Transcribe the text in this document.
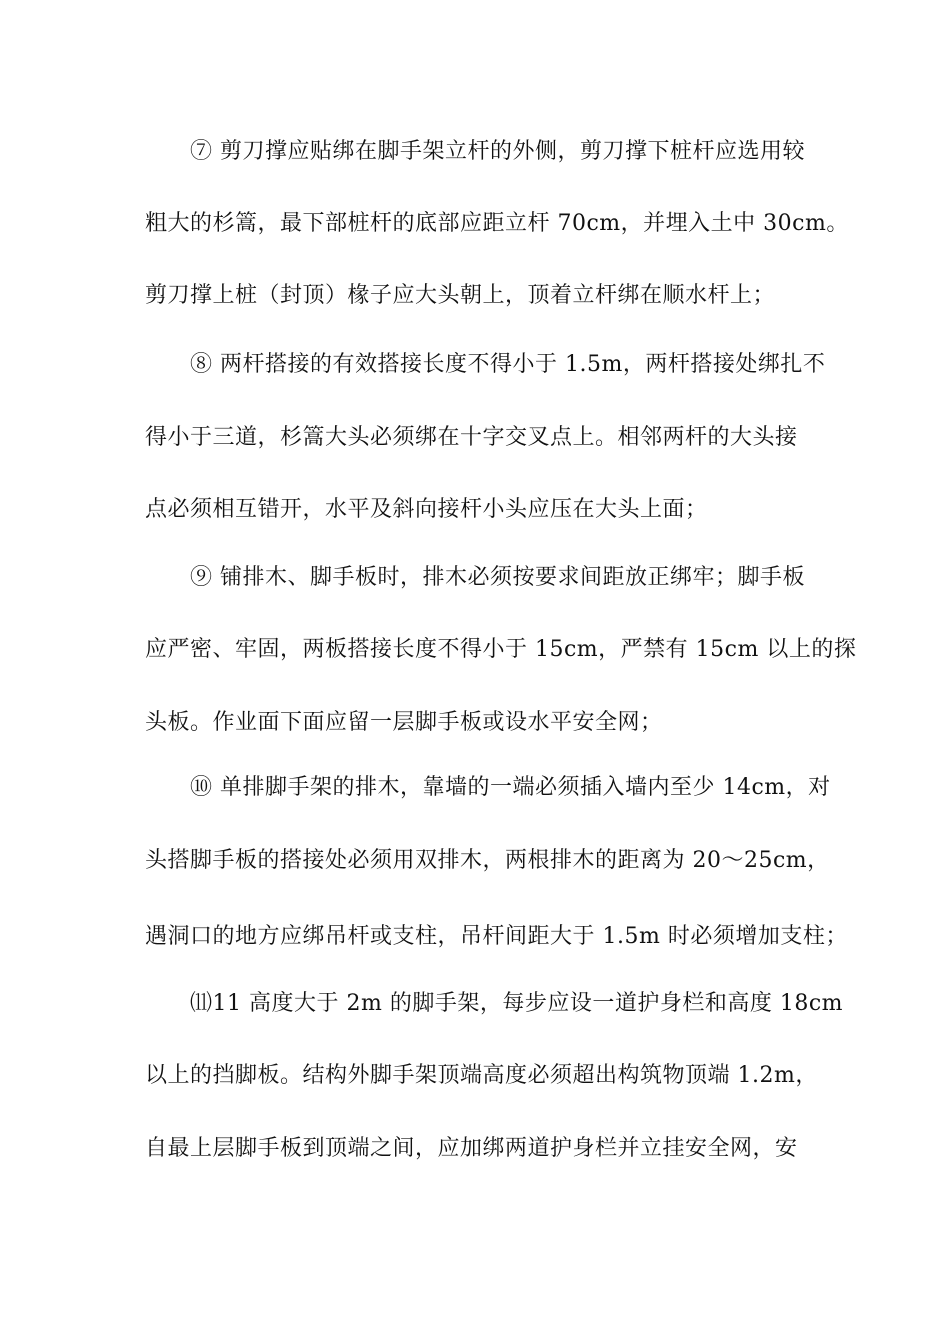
⑦ 剪刀撑应贴绑在脚手架立杆的外侧，剪刀撑下桩杆应选用较
粗大的杉篙，最下部桩杆的底部应距立杆 70cm，并埋入土中 30cm。
剪刀撑上桩（封顶）椽子应大头朝上，顶着立杆绑在顺水杆上；
⑧ 两杆搭接的有效搭接长度不得小于 1.5m，两杆搭接处绑扎不
得小于三道，杉篙大头必须绑在十字交叉点上。相邻两杆的大头接
点必须相互错开，水平及斜向接杆小头应压在大头上面；
⑨ 铺排木、脚手板时，排木必须按要求间距放正绑牢；脚手板
应严密、牢固，两板搭接长度不得小于 15cm，严禁有 15cm 以上的探
头板。作业面下面应留一层脚手板或设水平安全网；
⑩ 单排脚手架的排木，靠墙的一端必须插入墙内至少 14cm，对
头搭脚手板的搭接处必须用双排木，两根排木的距离为 20～25cm，
遇洞口的地方应绑吊杆或支柱，吊杆间距大于 1.5m 时必须增加支柱；
⑾11 高度大于 2m 的脚手架，每步应设一道护身栏和高度 18cm
以上的挡脚板。结构外脚手架顶端高度必须超出构筑物顶端 1.2m，
自最上层脚手板到顶端之间，应加绑两道护身栏并立挂安全网，安
